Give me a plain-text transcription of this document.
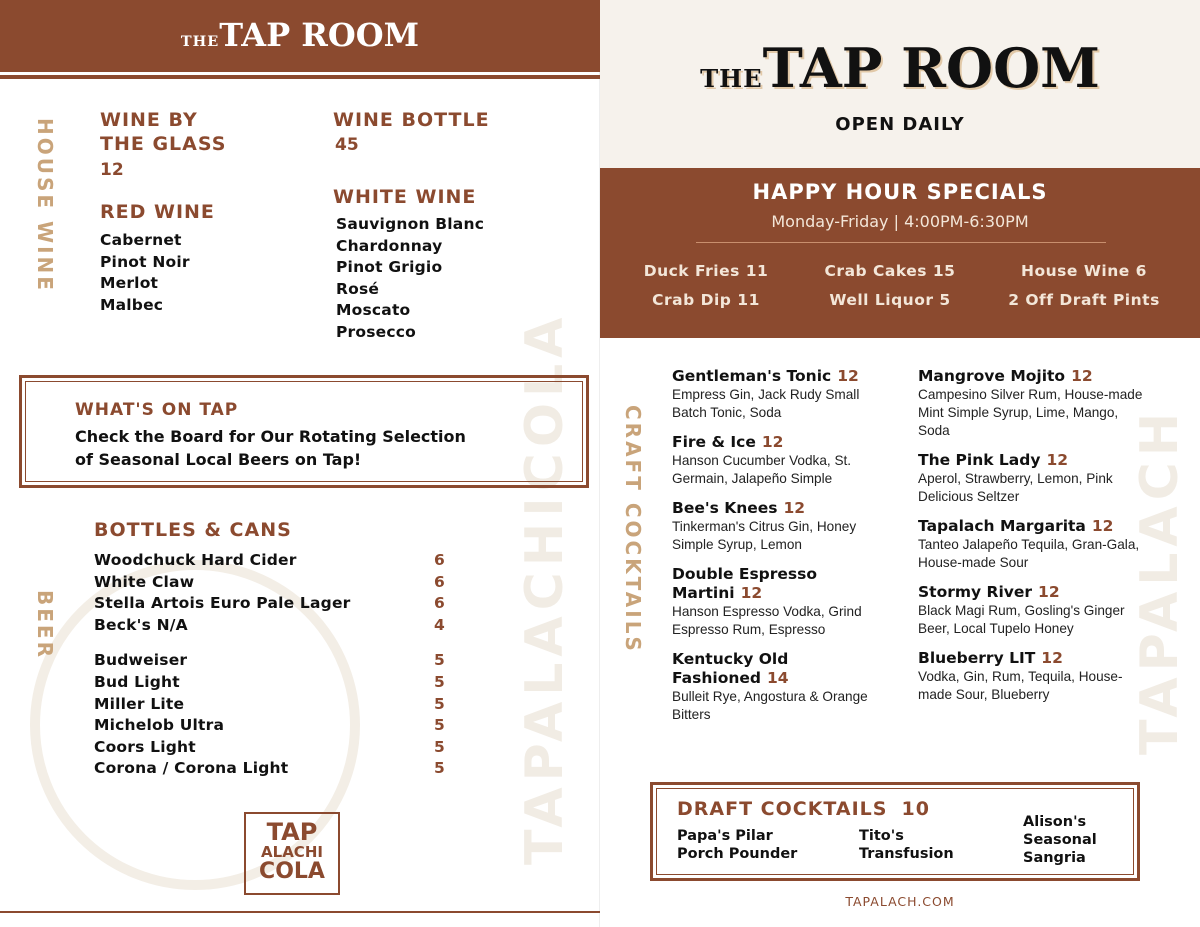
TAPALACHICOLA
THETAP ROOM
HOUSE WINE WINE BY
THE GLASS
12
RED WINE
Cabernet
Pinot Noir
Merlot
Malbec
WINE BOTTLE
45
WHITE WINE
Sauvignon Blanc
Chardonnay
Pinot Grigio
Rosé
Moscato
Prosecco
WHAT'S ON TAP
Check the Board for Our Rotating Selection
of Seasonal Local Beers on Tap!
BEER
BOTTLES & CANS
Woodchuck Hard Cider	6
White Claw	6
Stella Artois Euro Pale Lager	6
Beck's N/A	4
Budweiser	5
Bud Light	5
Miller Lite	5
Michelob Ultra	5
Coors Light	5
Corona / Corona Light	5
TAP
ALACHI
COLA
THETAP ROOM
OPEN DAILY
HAPPY HOUR SPECIALS
Monday-Friday | 4:00PM-6:30PM
Duck Fries 11	Crab Cakes 15	House Wine 6
Crab Dip 11	Well Liquor 5	2 Off Draft Pints
TAPALACH
CRAFT COCKTAILS
Gentleman's Tonic 12
Empress Gin, Jack Rudy Small Batch Tonic, Soda
Fire & Ice 12
Hanson Cucumber Vodka, St. Germain, Jalapeño Simple
Bee's Knees 12
Tinkerman's Citrus Gin, Honey Simple Syrup, Lemon
Double Espresso Martini 12
Hanson Espresso Vodka, Grind Espresso Rum, Espresso
Kentucky Old Fashioned 14
Bulleit Rye, Angostura & Orange Bitters
Mangrove Mojito 12
Campesino Silver Rum, House-made Mint Simple Syrup, Lime, Mango, Soda
The Pink Lady 12
Aperol, Strawberry, Lemon, Pink Delicious Seltzer
Tapalach Margarita 12
Tanteo Jalapeño Tequila, Gran-Gala, House-made Sour
Stormy River 12
Black Magi Rum, Gosling's Ginger Beer, Local Tupelo Honey
Blueberry LIT 12
Vodka, Gin, Rum, Tequila, House-made Sour, Blueberry
DRAFT COCKTAILS 10
Papa's Pilar Porch Pounder
Tito's Transfusion
Alison's Seasonal Sangria
TAPALACH.COM
